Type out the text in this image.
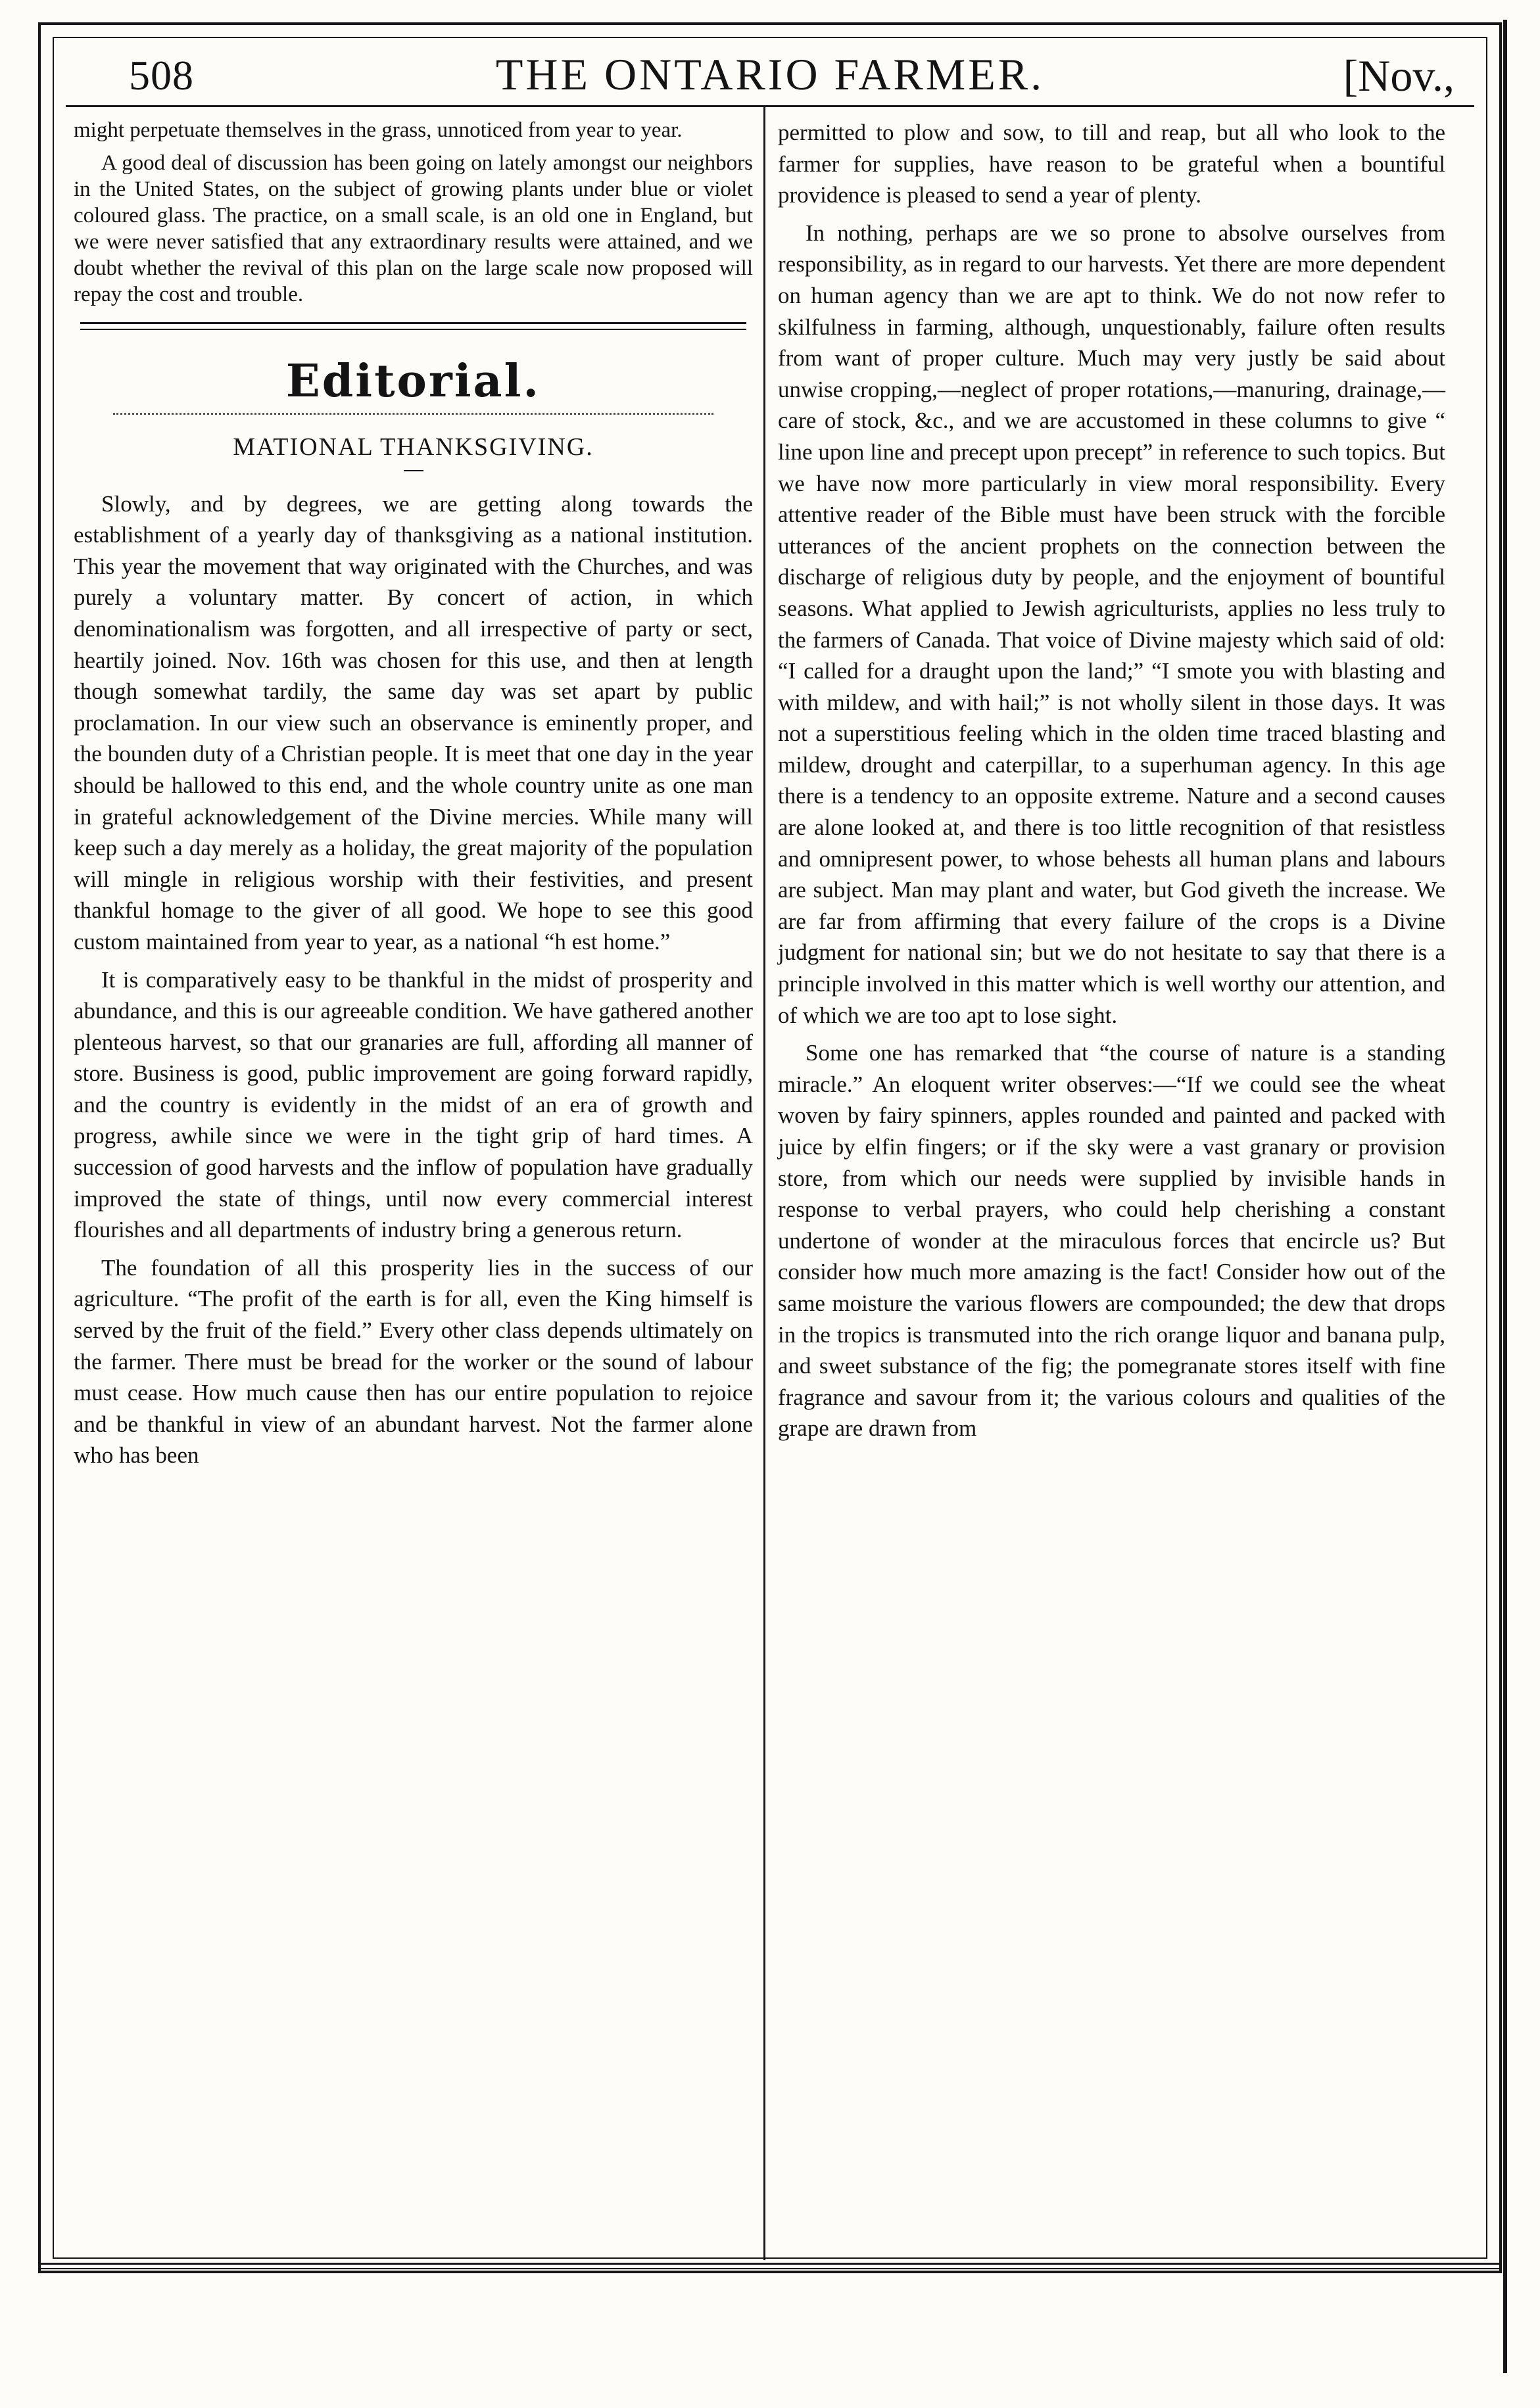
508	THE ONTARIO FARMER.	[Nov.,

might perpetuate themselves in the grass, unnoticed from year to year.

A good deal of discussion has been going on lately amongst our neighbors in the United States, on the subject of growing plants under blue or violet coloured glass. The practice, on a small scale, is an old one in England, but we were never satisfied that any extraordinary results were attained, and we doubt whether the revival of this plan on the large scale now proposed will repay the cost and trouble.

Editorial.
MATIONAL THANKSGIVING.

Slowly, and by degrees, we are getting along towards the establishment of a yearly day of thanksgiving as a national institution. This year the movement that way originated with the Churches, and was purely a voluntary matter. By concert of action, in which denominationalism was forgotten, and all irrespective of party or sect, heartily joined. Nov. 16th was chosen for this use, and then at length though somewhat tardily, the same day was set apart by public proclamation. In our view such an observance is eminently proper, and the bounden duty of a Christian people. It is meet that one day in the year should be hallowed to this end, and the whole country unite as one man in grateful acknowledgement of the Divine mercies. While many will keep such a day merely as a holiday, the great majority of the population will mingle in religious worship with their festivities, and present thankful homage to the giver of all good. We hope to see this good custom maintained from year to year, as a national “h est home.”

It is comparatively easy to be thankful in the midst of prosperity and abundance, and this is our agreeable condition. We have gathered another plenteous harvest, so that our granaries are full, affording all manner of store. Business is good, public improvement are going forward rapidly, and the country is evidently in the midst of an era of growth and progress, awhile since we were in the tight grip of hard times. A succession of good harvests and the inflow of population have gradually improved the state of things, until now every commercial interest flourishes and all departments of industry bring a generous return.

The foundation of all this prosperity lies in the success of our agriculture. “The profit of the earth is for all, even the King himself is served by the fruit of the field.” Every other class depends ultimately on the farmer. There must be bread for the worker or the sound of labour must cease. How much cause then has our entire population to rejoice and be thankful in view of an abundant harvest. Not the farmer alone who has been

permitted to plow and sow, to till and reap, but all who look to the farmer for supplies, have reason to be grateful when a bountiful providence is pleased to send a year of plenty.

In nothing, perhaps are we so prone to absolve ourselves from responsibility, as in regard to our harvests. Yet there are more dependent on human agency than we are apt to think. We do not now refer to skilfulness in farming, although, unquestionably, failure often results from want of proper culture. Much may very justly be said about unwise cropping,—neglect of proper rotations,—manuring, drainage,—care of stock, &c., and we are accustomed in these columns to give “ line upon line and precept upon precept” in reference to such topics. But we have now more particularly in view moral responsibility. Every attentive reader of the Bible must have been struck with the forcible utterances of the ancient prophets on the connection between the discharge of religious duty by people, and the enjoyment of bountiful seasons. What applied to Jewish agriculturists, applies no less truly to the farmers of Canada. That voice of Divine majesty which said of old: “I called for a draught upon the land;” “I smote you with blasting and with mildew, and with hail;” is not wholly silent in those days. It was not a superstitious feeling which in the olden time traced blasting and mildew, drought and caterpillar, to a superhuman agency. In this age there is a tendency to an opposite extreme. Nature and a second causes are alone looked at, and there is too little recognition of that resistless and omnipresent power, to whose behests all human plans and labours are subject. Man may plant and water, but God giveth the increase. We are far from affirming that every failure of the crops is a Divine judgment for national sin; but we do not hesitate to say that there is a principle involved in this matter which is well worthy our attention, and of which we are too apt to lose sight.

Some one has remarked that “the course of nature is a standing miracle.” An eloquent writer observes:—“If we could see the wheat woven by fairy spinners, apples rounded and painted and packed with juice by elfin fingers; or if the sky were a vast granary or provision store, from which our needs were supplied by invisible hands in response to verbal prayers, who could help cherishing a constant undertone of wonder at the miraculous forces that encircle us? But consider how much more amazing is the fact! Consider how out of the same moisture the various flowers are compounded; the dew that drops in the tropics is transmuted into the rich orange liquor and banana pulp, and sweet substance of the fig; the pomegranate stores itself with fine fragrance and savour from it; the various colours and qualities of the grape are drawn from
